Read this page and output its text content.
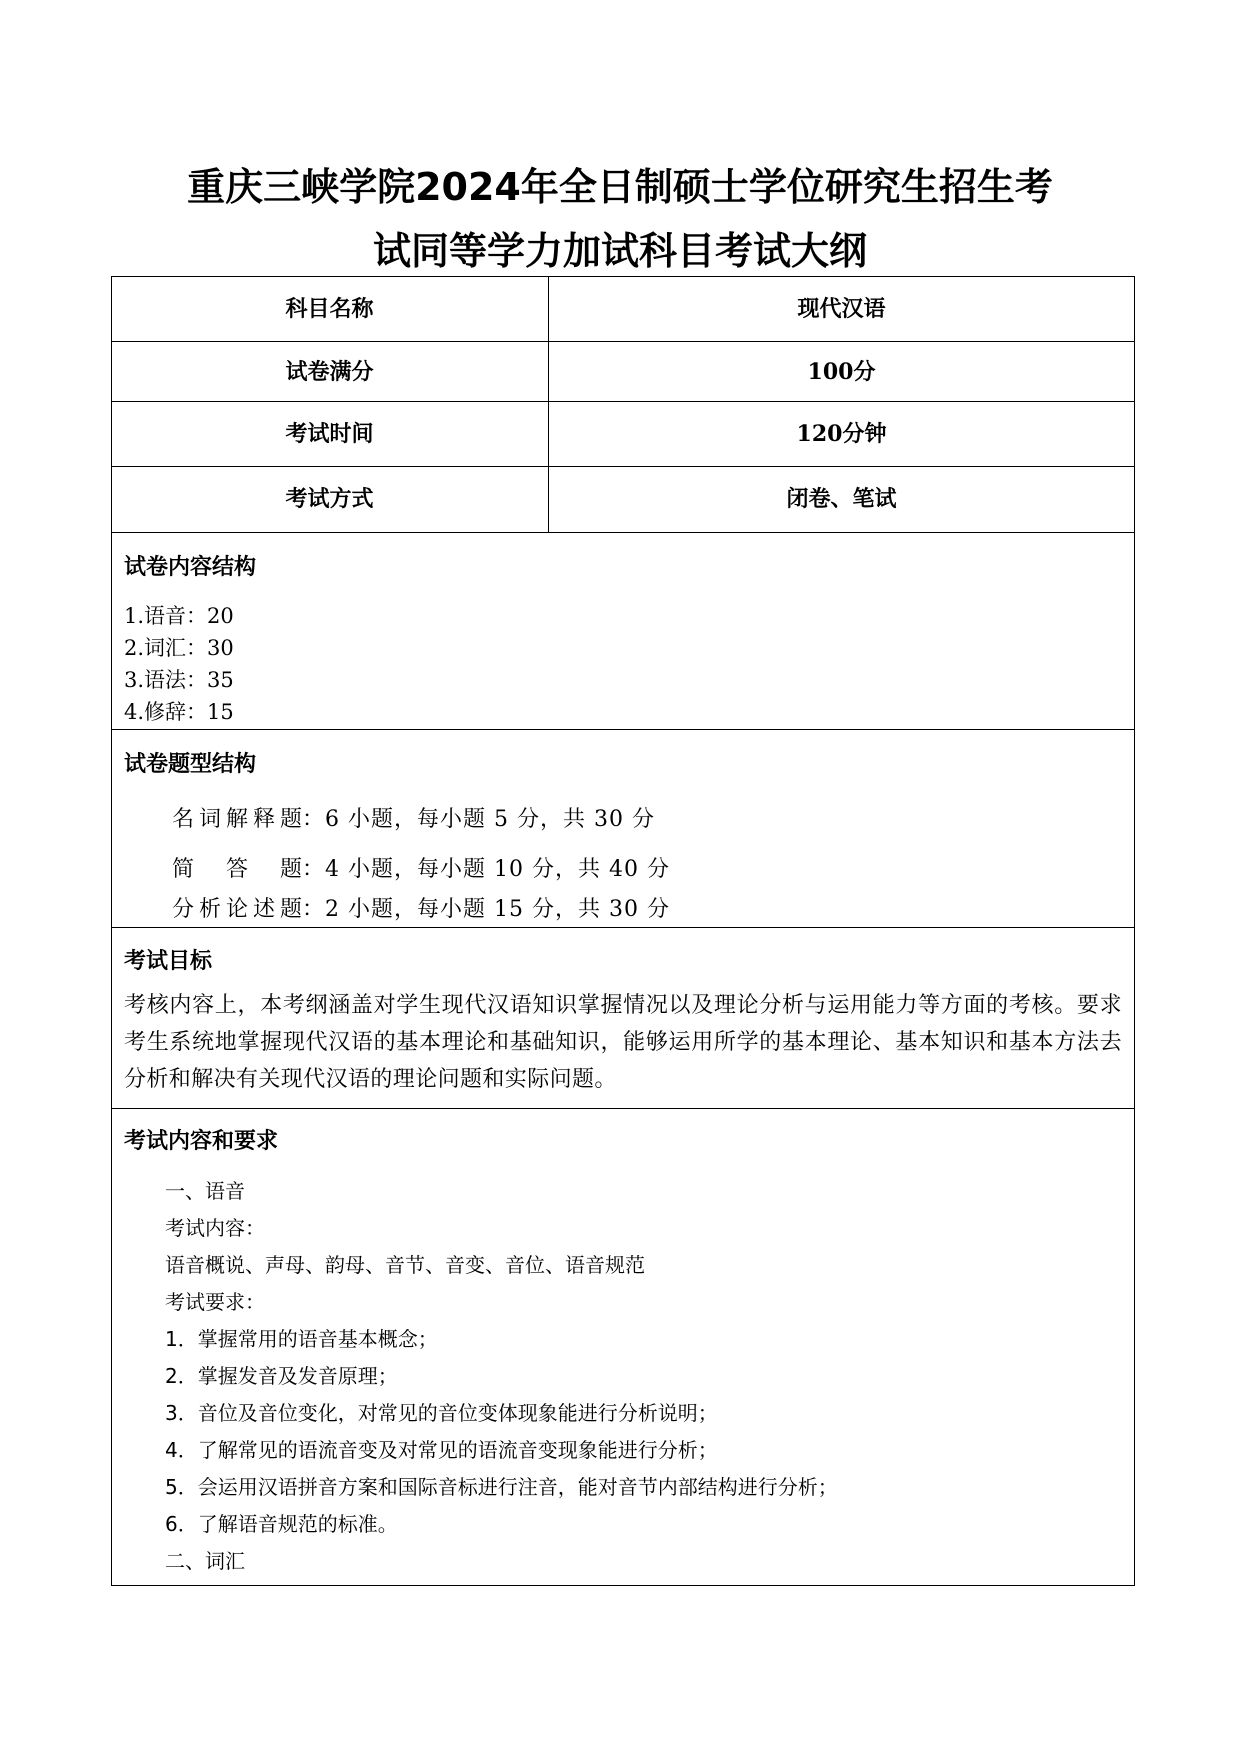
重庆三峡学院2024年全日制硕士学位研究生招生考
试同等学力加试科目考试大纲
科目名称	现代汉语
试卷满分	100分
考试时间	120分钟
考试方式	闭卷、笔试
试卷内容结构
1.语音：20
2.词汇：30
3.语法：35
4.修辞：15
试卷题型结构
名词解释题：6 小题，每小题 5 分，共 30 分
简答题：4 小题，每小题 10 分，共 40 分
分析论述题：2 小题，每小题 15 分，共 30 分
考试目标
考核内容上，本考纲涵盖对学生现代汉语知识掌握情况以及理论分析与运用能力等方面的考核。要求考生系统地掌握现代汉语的基本理论和基础知识，能够运用所学的基本理论、基本知识和基本方法去分析和解决有关现代汉语的理论问题和实际问题。
考试内容和要求
一、语音
考试内容：
语音概说、声母、韵母、音节、音变、音位、语音规范
考试要求：
1．掌握常用的语音基本概念；
2．掌握发音及发音原理；
3．音位及音位变化，对常见的音位变体现象能进行分析说明；
4．了解常见的语流音变及对常见的语流音变现象能进行分析；
5．会运用汉语拼音方案和国际音标进行注音，能对音节内部结构进行分析；
6．了解语音规范的标准。
二、词汇
